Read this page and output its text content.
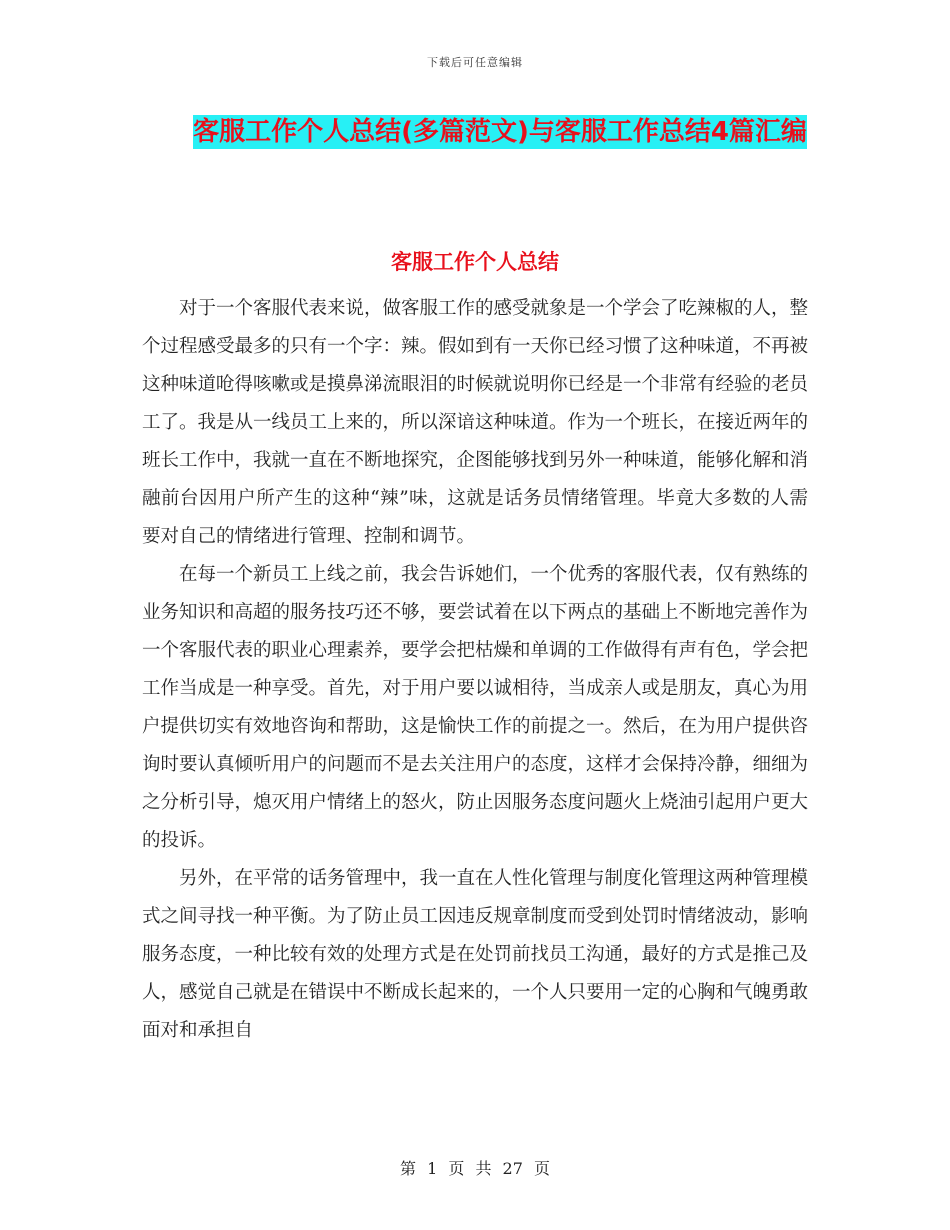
下载后可任意编辑
客服工作个人总结(多篇范文)与客服工作总结4篇汇编
客服工作个人总结

对于一个客服代表来说，做客服工作的感受就象是一个学会了吃辣椒的人，整个过程感受最多的只有一个字：辣。假如到有一天你已经习惯了这种味道，不再被这种味道呛得咳嗽或是摸鼻涕流眼泪的时候就说明你已经是一个非常有经验的老员工了。我是从一线员工上来的，所以深谙这种味道。作为一个班长，在接近两年的班长工作中，我就一直在不断地探究，企图能够找到另外一种味道，能够化解和消融前台因用户所产生的这种“辣”味，这就是话务员情绪管理。毕竟大多数的人需要对自己的情绪进行管理、控制和调节。

在每一个新员工上线之前，我会告诉她们，一个优秀的客服代表，仅有熟练的业务知识和高超的服务技巧还不够，要尝试着在以下两点的基础上不断地完善作为一个客服代表的职业心理素养，要学会把枯燥和单调的工作做得有声有色，学会把工作当成是一种享受。首先，对于用户要以诚相待，当成亲人或是朋友，真心为用户提供切实有效地咨询和帮助，这是愉快工作的前提之一。然后，在为用户提供咨询时要认真倾听用户的问题而不是去关注用户的态度，这样才会保持冷静，细细为之分析引导，熄灭用户情绪上的怒火，防止因服务态度问题火上烧油引起用户更大的投诉。

另外，在平常的话务管理中，我一直在人性化管理与制度化管理这两种管理模式之间寻找一种平衡。为了防止员工因违反规章制度而受到处罚时情绪波动，影响服务态度，一种比较有效的处理方式是在处罚前找员工沟通，最好的方式是推己及人，感觉自己就是在错误中不断成长起来的，一个人只要用一定的心胸和气魄勇敢面对和承担自

第 1 页 共 27 页
